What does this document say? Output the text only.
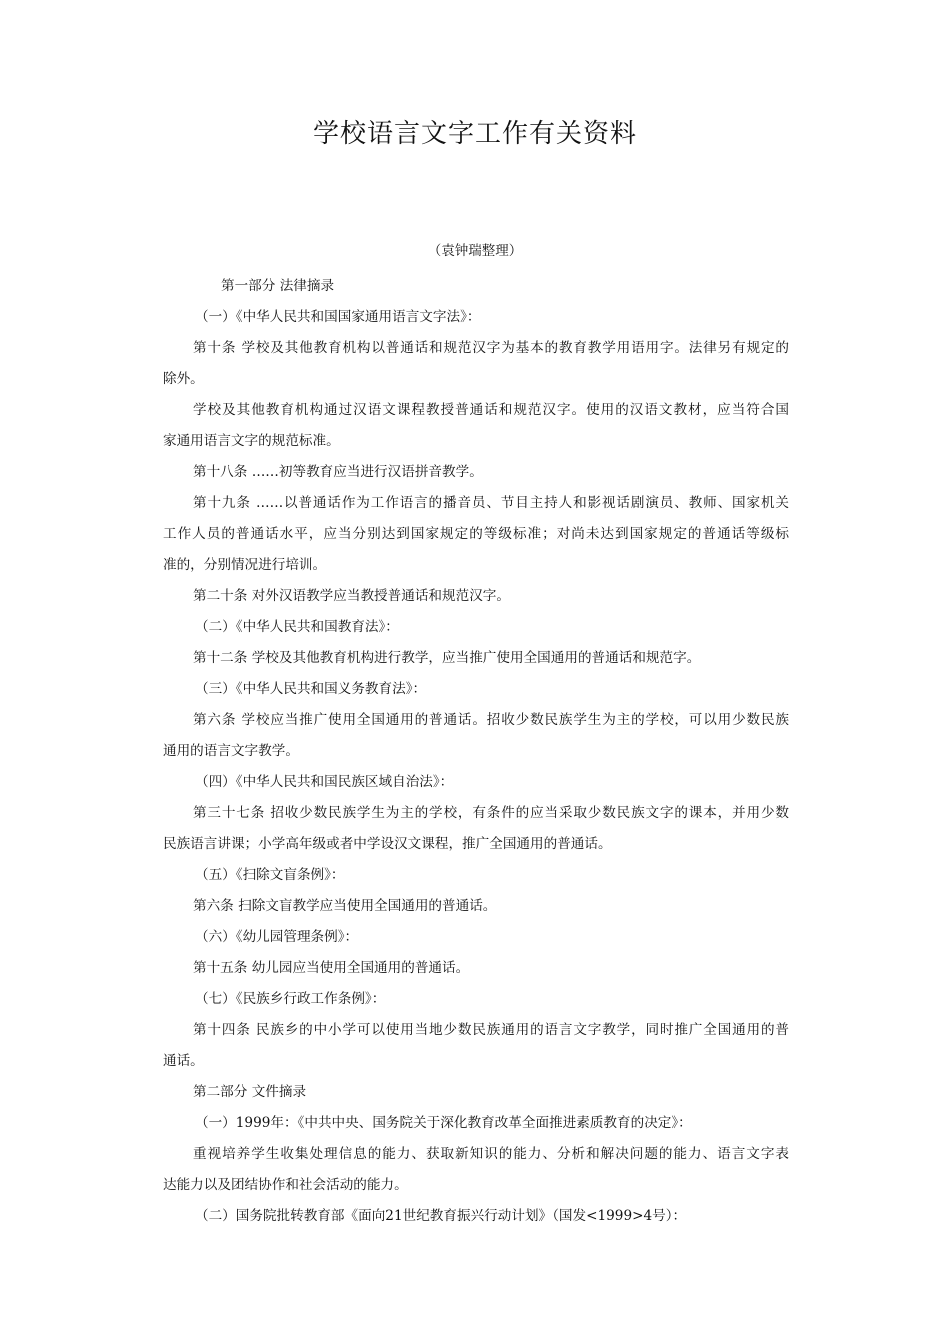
学校语言文字工作有关资料
（袁钟瑞整理）
第一部分 法律摘录
（一）《中华人民共和国国家通用语言文字法》：
第十条 学校及其他教育机构以普通话和规范汉字为基本的教育教学用语用字。法律另有规定的
除外。
学校及其他教育机构通过汉语文课程教授普通话和规范汉字。使用的汉语文教材，应当符合国
家通用语言文字的规范标准。
第十八条 ……初等教育应当进行汉语拼音教学。
第十九条 ……以普通话作为工作语言的播音员、节目主持人和影视话剧演员、教师、国家机关
工作人员的普通话水平，应当分别达到国家规定的等级标准；对尚未达到国家规定的普通话等级标
准的，分别情况进行培训。
第二十条 对外汉语教学应当教授普通话和规范汉字。
（二）《中华人民共和国教育法》：
第十二条 学校及其他教育机构进行教学，应当推广使用全国通用的普通话和规范字。
（三）《中华人民共和国义务教育法》：
第六条 学校应当推广使用全国通用的普通话。招收少数民族学生为主的学校，可以用少数民族
通用的语言文字教学。
（四）《中华人民共和国民族区域自治法》：
第三十七条 招收少数民族学生为主的学校，有条件的应当采取少数民族文字的课本，并用少数
民族语言讲课；小学高年级或者中学设汉文课程，推广全国通用的普通话。
（五）《扫除文盲条例》：
第六条 扫除文盲教学应当使用全国通用的普通话。
（六）《幼儿园管理条例》：
第十五条 幼儿园应当使用全国通用的普通话。
（七）《民族乡行政工作条例》：
第十四条 民族乡的中小学可以使用当地少数民族通用的语言文字教学，同时推广全国通用的普
通话。
第二部分 文件摘录
（一）1999年：《中共中央、国务院关于深化教育改革全面推进素质教育的决定》：
重视培养学生收集处理信息的能力、获取新知识的能力、分析和解决问题的能力、语言文字表
达能力以及团结协作和社会活动的能力。
（二）国务院批转教育部《面向21世纪教育振兴行动计划》（国发<1999>4号）：
